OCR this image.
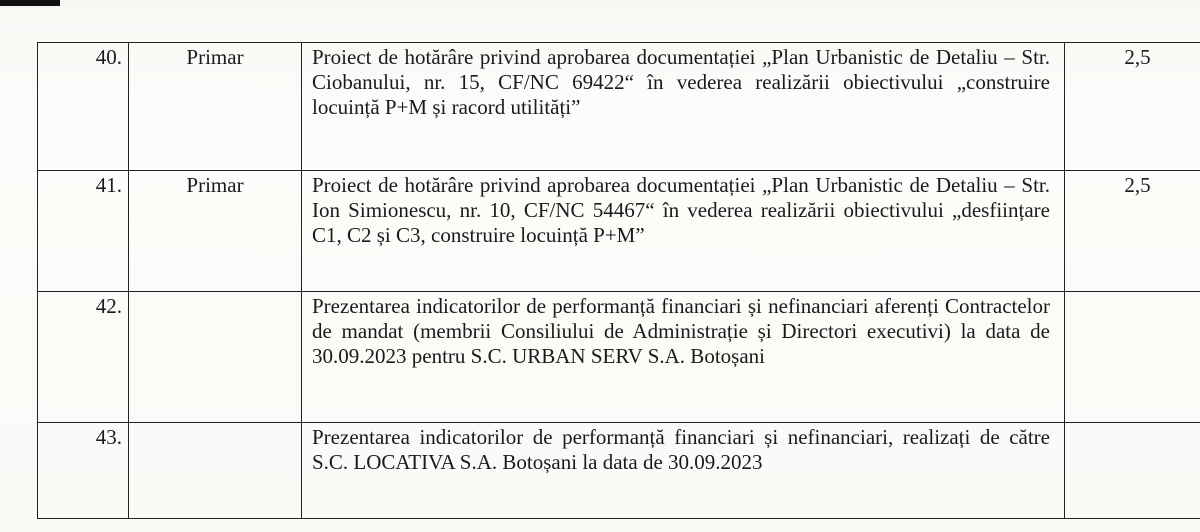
40.	Primar	Proiect de hotărâre privind aprobarea documentației „Plan Urbanistic de Detaliu – Str. Ciobanului, nr. 15, CF/NC 69422“ în vederea realizării obiectivului „construire locuință P+M și racord utilități”	2,5
41.	Primar	Proiect de hotărâre privind aprobarea documentației „Plan Urbanistic de Detaliu – Str. Ion Simionescu, nr. 10, CF/NC 54467“ în vederea realizării obiectivului „desființare C1, C2 și C3, construire locuință P+M”	2,5
42.		Prezentarea indicatorilor de performanță financiari și nefinanciari aferenți Contractelor de mandat (membrii Consiliului de Administrație și Directori executivi) la data de 30.09.2023 pentru S.C. URBAN SERV S.A. Botoșani	
43.		Prezentarea indicatorilor de performanță financiari și nefinanciari, realizați de către S.C. LOCATIVA S.A. Botoșani la data de 30.09.2023	
